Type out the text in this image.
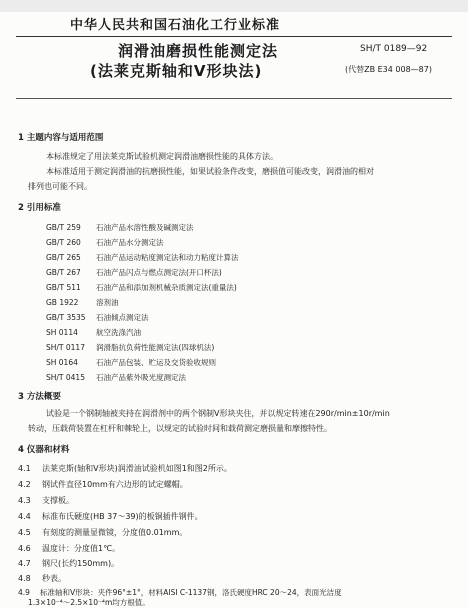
中华人民共和国石油化工行业标准
润滑油磨损性能测定法
(法莱克斯轴和V形块法)
SH/T 0189—92
(代替ZB E34 008—87)
1 主题内容与适用范围
本标准规定了用法莱克斯试验机测定润滑油磨损性能的具体方法。
本标准适用于测定润滑油的抗磨损性能，如果试验条件改变，磨损值可能改变，润滑油的相对
排列也可能不同。
2 引用标准
GB/T 259 石油产品水溶性酸及碱测定法
GB/T 260 石油产品水分测定法
GB/T 265 石油产品运动粘度测定法和动力粘度计算法
GB/T 267 石油产品闪点与燃点测定法(开口杯法)
GB/T 511 石油产品和添加剂机械杂质测定法(重量法)
GB 1922 溶剂油
GB/T 3535 石油倾点测定法
SH 0114 航空洗涤汽油
SH/T 0117 润滑脂抗负荷性能测定法(四球机法)
SH 0164 石油产品包装、贮运及交货验收规则
SH/T 0415 石油产品紫外吸光度测定法
3 方法概要
试验是一个钢制轴被夹持在润滑剂中的两个钢制V形块夹住，并以规定转速在290r/min±10r/min
转动，压载荷装置在杠杆和棘轮上，以规定的试验时间和载荷测定磨损量和摩擦特性。
4 仪器和材料
4.1 法莱克斯(轴和V形块)润滑油试验机如图1和图2所示。
4.2 钢试件直径10mm有六边形的试定螺帽。
4.3 支撑板。
4.4 标准布氏硬度(HB 37～39)的板铜插件钢件。
4.5 有刻度的测量显微镜，分度值0.01mm。
4.6 温度计：分度值1℃。
4.7 钢尺(长约150mm)。
4.8 秒表。
4.9 标准轴和V形块：夹件96°±1°，材料AISI C-1137钢，洛氏硬度HRC 20～24，表面光洁度
1.3×10⁻⁴～2.5×10⁻⁴m均方根值。
